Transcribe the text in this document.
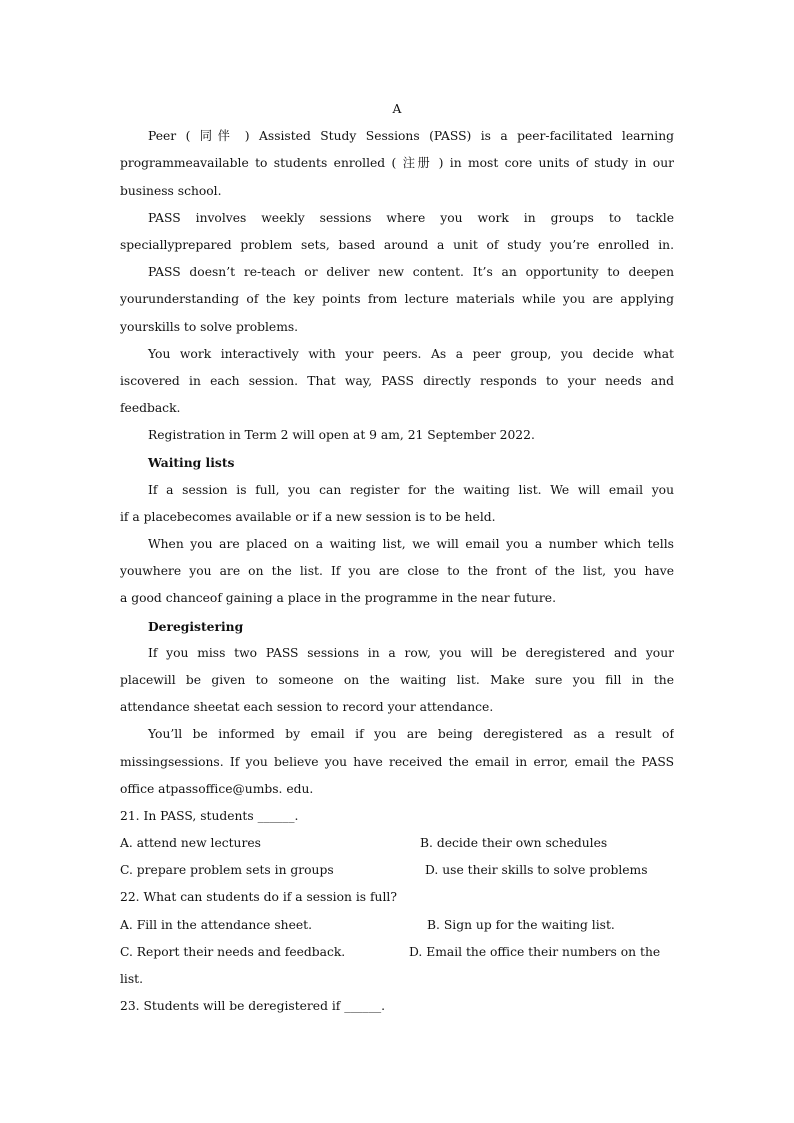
A
Peer ( 同伴 ) Assisted Study Sessions (PASS) is a peer-facilitated learning
programmeavailable to students enrolled ( 注册 ) in most core units of study in our
business school.
PASS involves weekly sessions where you work in groups to tackle
speciallyprepared problem sets, based around a unit of study you’re enrolled in.
PASS doesn’t re-teach or deliver new content. It’s an opportunity to deepen
yourunderstanding of the key points from lecture materials while you are applying
yourskills to solve problems.
You work interactively with your peers. As a peer group, you decide what
iscovered in each session. That way, PASS directly responds to your needs and
feedback.
Registration in Term 2 will open at 9 am, 21 September 2022.
Waiting lists
If a session is full, you can register for the waiting list. We will email you
if a placebecomes available or if a new session is to be held.
When you are placed on a waiting list, we will email you a number which tells
youwhere you are on the list. If you are close to the front of the list, you have
a good chanceof gaining a place in the programme in the near future.
Deregistering
If you miss two PASS sessions in a row, you will be deregistered and your
placewill be given to someone on the waiting list. Make sure you fill in the
attendance sheetat each session to record your attendance.
You’ll be informed by email if you are being deregistered as a result of
missingsessions. If you believe you have received the email in error, email the PASS
office atpassoffice@umbs. edu.
21. In PASS, students ______.
A. attend new lectures	B. decide their own schedules
C. prepare problem sets in groups	D. use their skills to solve problems
22. What can students do if a session is full?
A. Fill in the attendance sheet.	B. Sign up for the waiting list.
C. Report their needs and feedback.	D. Email the office their numbers on the
list.
23. Students will be deregistered if ______.
